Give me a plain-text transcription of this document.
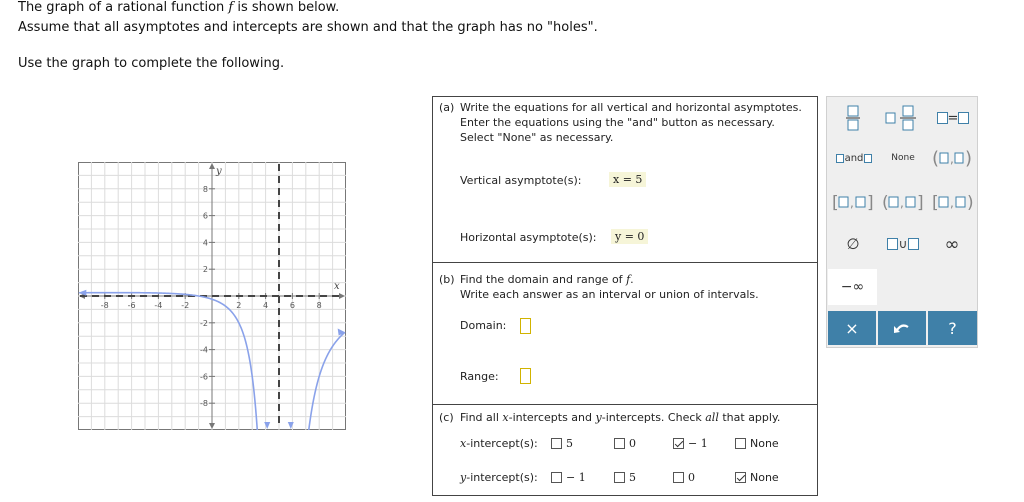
The graph of a rational function f is shown below.
Assume that all asymptotes and intercepts are shown and that the graph has no "holes".
Use the graph to complete the following.
-8 -6 -4 -2	2	4	6	8
8
6
4
2
-2
-4
-6
-8
x
y
(a) Write the equations for all vertical and horizontal asymptotes.
Enter the equations using the "and" button as necessary.
Select "None" as necessary.
Vertical asymptote(s):	x = 5
Horizontal asymptote(s):	y = 0
(b) Find the domain and range of f.
Write each answer as an interval or union of intervals.
Domain:
Range:
(c) Find all x-intercepts and y-intercepts. Check all that apply.
x-intercept(s):	5	0	− 1	None
y-intercept(s):	− 1	5	0	None
=
and	None ( , )
[ , ] ( , ] [ , )
∅	∪	∞
−∞
×	?
